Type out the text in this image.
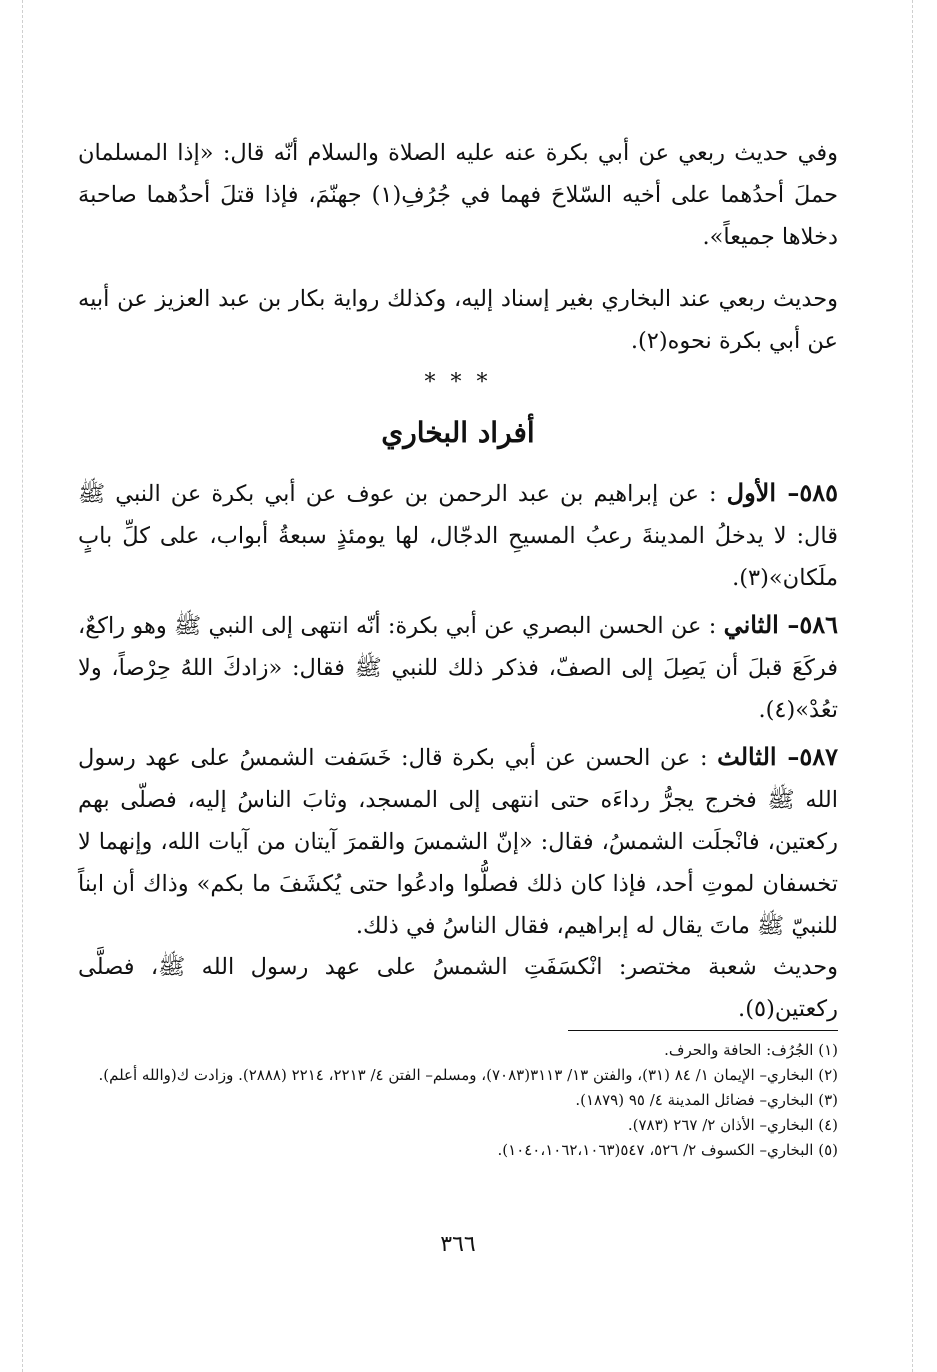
وفي حديث ربعي عن أبي بكرة عنه عليه الصلاة والسلام أنّه قال: «إذا المسلمان حملَ أحدُهما على أخيه السّلاحَ فهما في جُرُفِ(١) جهنّمَ، فإذا قتلَ أحدُهما صاحبهَ دخلاها جميعاً».

وحديث ربعي عند البخاري بغير إسناد إليه، وكذلك رواية بكار بن عبد العزيز عن أبيه عن أبي بكرة نحوه(٢).

* * *
أفراد البخاري

٥٨٥– الأول : عن إبراهيم بن عبد الرحمن بن عوف عن أبي بكرة عن النبي ﷺ قال: لا يدخلُ المدينةَ رعبُ المسيحِ الدجّال، لها يومئذٍ سبعةُ أبواب، على كلِّ بابٍ ملَكان»(٣).

٥٨٦– الثاني : عن الحسن البصري عن أبي بكرة: أنّه انتهى إلى النبي ﷺ وهو راكعٌ، فركَعَ قبلَ أن يَصِلَ إلى الصفّ، فذكر ذلك للنبي ﷺ فقال: «زادكَ اللهُ حِرْصاً، ولا تعُدْ»(٤).

٥٨٧– الثالث : عن الحسن عن أبي بكرة قال: خَسَفت الشمسُ على عهد رسول الله ﷺ فخرج يجرُّ رداءَه حتى انتهى إلى المسجد، وثابَ الناسُ إليه، فصلّى بهم ركعتين، فانْجلَت الشمسُ، فقال: «إنّ الشمسَ والقمرَ آيتان من آيات الله، وإنهما لا تخسفان لموتِ أحد، فإذا كان ذلك فصلُّوا وادعُوا حتى يُكشَفَ ما بكم» وذاك أن ابناً للنبيّ ﷺ ماتَ يقال له إبراهيم، فقال الناسُ في ذلك.

وحديث شعبة مختصر: انْكسَفَتِ الشمسُ على عهد رسول الله ﷺ، فصلَّى ركعتين(٥).

(١) الجُرُف: الحافة والحرف.
(٢) البخاري– الإيمان ١/ ٨٤ (٣١)، والفتن ١٣/ ٣١١٣(٧٠٨٣)، ومسلم– الفتن ٤/ ٢٢١٣، ٢٢١٤ (٢٨٨٨). وزادت ك(والله أعلم).
(٣) البخاري– فضائل المدينة ٤/ ٩٥ (١٨٧٩).
(٤) البخاري– الأذان ٢/ ٢٦٧ (٧٨٣).
(٥) البخاري– الكسوف ٢/ ٥٢٦، ٥٤٧(١٠٤٠،١٠٦٢،١٠٦٣).
٣٦٦
